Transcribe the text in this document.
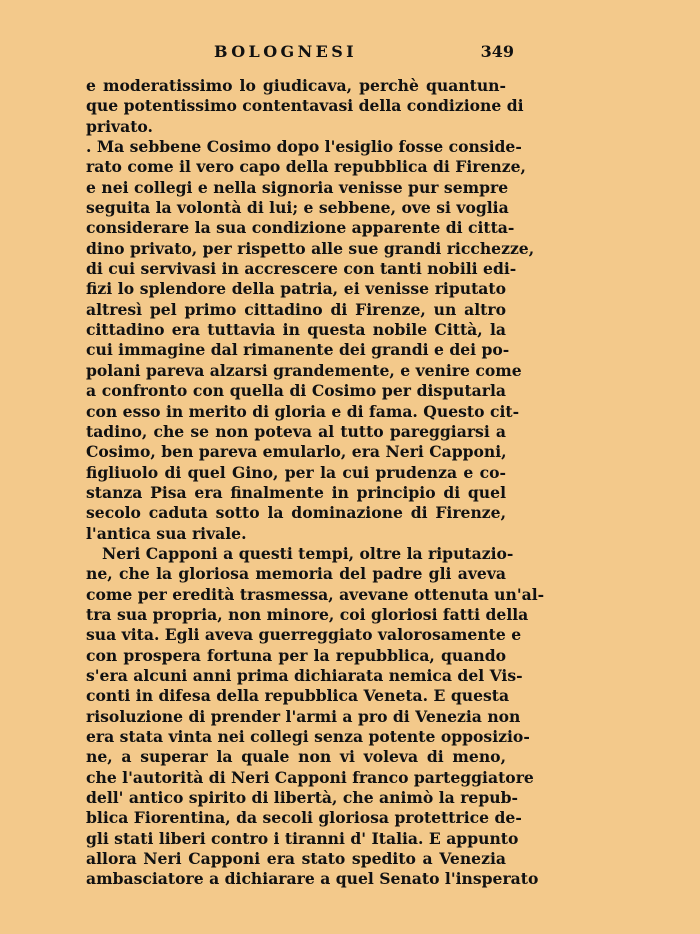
BOLOGNESI	349
e moderatissimo lo giudicava, perchè quantun-
que potentissimo contentavasi della condizione di
privato.
. Ma sebbene Cosimo dopo l'esiglio fosse conside-
rato come il vero capo della repubblica di Firenze,
e nei collegi e nella signoria venisse pur sempre
seguita la volontà di lui; e sebbene, ove si voglia
considerare la sua condizione apparente di citta-
dino privato, per rispetto alle sue grandi ricchezze,
di cui servivasi in accrescere con tanti nobili edi-
fizi lo splendore della patria, ei venisse riputato
altresì pel primo cittadino di Firenze, un altro
cittadino era tuttavia in questa nobile Città, la
cui immagine dal rimanente dei grandi e dei po-
polani pareva alzarsi grandemente, e venire come
a confronto con quella di Cosimo per disputarla
con esso in merito di gloria e di fama. Questo cit-
tadino, che se non poteva al tutto pareggiarsi a
Cosimo, ben pareva emularlo, era Neri Capponi,
figliuolo di quel Gino, per la cui prudenza e co-
stanza Pisa era finalmente in principio di quel
secolo caduta sotto la dominazione di Firenze,
l'antica sua rivale.
Neri Capponi a questi tempi, oltre la riputazio-
ne, che la gloriosa memoria del padre gli aveva
come per eredità trasmessa, avevane ottenuta un'al-
tra sua propria, non minore, coi gloriosi fatti della
sua vita. Egli aveva guerreggiato valorosamente e
con prospera fortuna per la repubblica, quando
s'era alcuni anni prima dichiarata nemica del Vis-
conti in difesa della repubblica Veneta. E questa
risoluzione di prender l'armi a pro di Venezia non
era stata vinta nei collegi senza potente opposizio-
ne, a superar la quale non vi voleva di meno,
che l'autorità di Neri Capponi franco parteggiatore
dell' antico spirito di libertà, che animò la repub-
blica Fiorentina, da secoli gloriosa protettrice de-
gli stati liberi contro i tiranni d' Italia. E appunto
allora Neri Capponi era stato spedito a Venezia
ambasciatore a dichiarare a quel Senato l'insperato
